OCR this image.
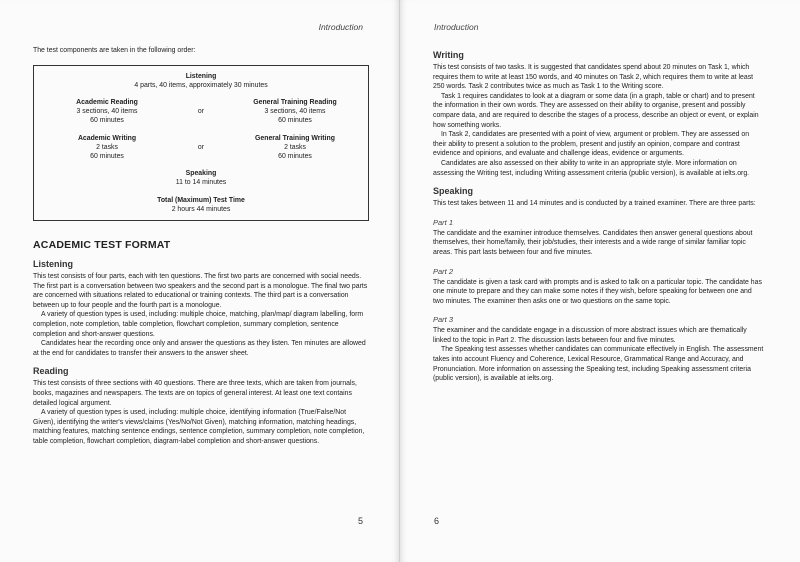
Introduction

The test components are taken in the following order:

Listening
4 parts, 40 items, approximately 30 minutes
Academic Reading
3 sections, 40 items
60 minutes
or
General Training Reading
3 sections, 40 items
60 minutes
Academic Writing
2 tasks
60 minutes
or
General Training Writing
2 tasks
60 minutes
Speaking
11 to 14 minutes
Total (Maximum) Test Time
2 hours 44 minutes
ACADEMIC TEST FORMAT
Listening

This test consists of four parts, each with ten questions. The first two parts are concerned with social needs. The first part is a conversation between two speakers and the second part is a monologue. The final two parts are concerned with situations related to educational or training contexts. The third part is a conversation between up to four people and the fourth part is a monologue.

A variety of question types is used, including: multiple choice, matching, plan/map/ diagram labelling, form completion, note completion, table completion, flowchart completion, summary completion, sentence completion and short-answer questions.

Candidates hear the recording once only and answer the questions as they listen. Ten minutes are allowed at the end for candidates to transfer their answers to the answer sheet.

Reading

This test consists of three sections with 40 questions. There are three texts, which are taken from journals, books, magazines and newspapers. The texts are on topics of general interest. At least one text contains detailed logical argument.

A variety of question types is used, including: multiple choice, identifying information (True/False/Not Given), identifying the writer's views/claims (Yes/No/Not Given), matching information, matching headings, matching features, matching sentence endings, sentence completion, summary completion, note completion, table completion, flowchart completion, diagram-label completion and short-answer questions.

5
Introduction
Writing

This test consists of two tasks. It is suggested that candidates spend about 20 minutes on Task 1, which requires them to write at least 150 words, and 40 minutes on Task 2, which requires them to write at least 250 words. Task 2 contributes twice as much as Task 1 to the Writing score.

Task 1 requires candidates to look at a diagram or some data (in a graph, table or chart) and to present the information in their own words. They are assessed on their ability to organise, present and possibly compare data, and are required to describe the stages of a process, describe an object or event, or explain how something works.

In Task 2, candidates are presented with a point of view, argument or problem. They are assessed on their ability to present a solution to the problem, present and justify an opinion, compare and contrast evidence and opinions, and evaluate and challenge ideas, evidence or arguments.

Candidates are also assessed on their ability to write in an appropriate style. More information on assessing the Writing test, including Writing assessment criteria (public version), is available at ielts.org.

Speaking

This test takes between 11 and 14 minutes and is conducted by a trained examiner. There are three parts:

Part 1

The candidate and the examiner introduce themselves. Candidates then answer general questions about themselves, their home/family, their job/studies, their interests and a wide range of similar familiar topic areas. This part lasts between four and five minutes.

Part 2

The candidate is given a task card with prompts and is asked to talk on a particular topic. The candidate has one minute to prepare and they can make some notes if they wish, before speaking for between one and two minutes. The examiner then asks one or two questions on the same topic.

Part 3

The examiner and the candidate engage in a discussion of more abstract issues which are thematically linked to the topic in Part 2. The discussion lasts between four and five minutes.

The Speaking test assesses whether candidates can communicate effectively in English. The assessment takes into account Fluency and Coherence, Lexical Resource, Grammatical Range and Accuracy, and Pronunciation. More information on assessing the Speaking test, including Speaking assessment criteria (public version), is available at ielts.org.

6
